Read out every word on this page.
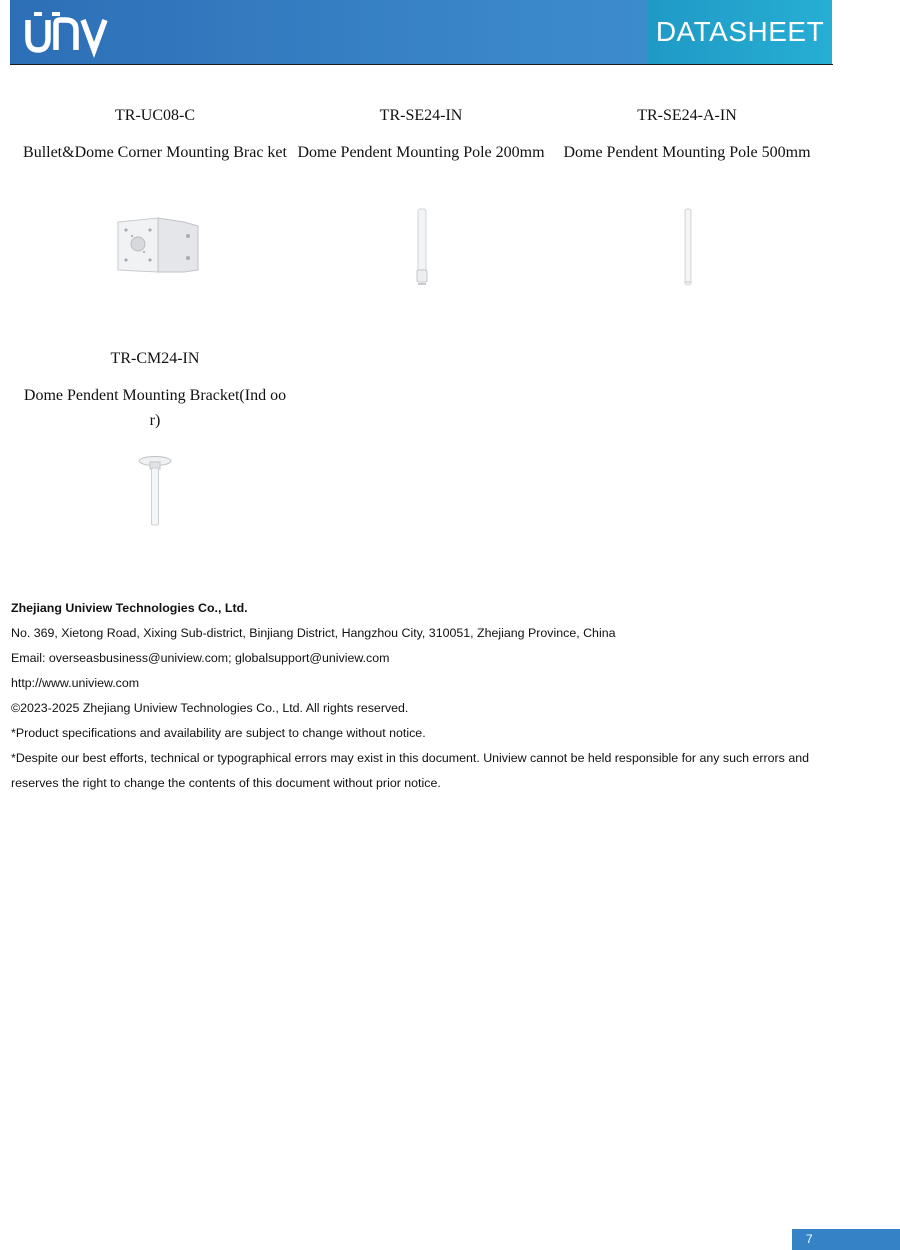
DATASHEET
TR-UC08-C
Bullet&Dome Corner Mounting Brac ket
TR-SE24-IN
Dome Pendent Mounting Pole 200mm
TR-SE24-A-IN
Dome Pendent Mounting Pole 500mm
TR-CM24-IN
Dome Pendent Mounting Bracket(Ind oor)
Zhejiang Uniview Technologies Co., Ltd.
No. 369, Xietong Road, Xixing Sub-district, Binjiang District, Hangzhou City, 310051, Zhejiang Province, China
Email: overseasbusiness@uniview.com; globalsupport@uniview.com
http://www.uniview.com
©2023-2025 Zhejiang Uniview Technologies Co., Ltd. All rights reserved.
*Product specifications and availability are subject to change without notice.
*Despite our best efforts, technical or typographical errors may exist in this document. Uniview cannot be held responsible for any such errors and reserves the right to change the contents of this document without prior notice.
7
